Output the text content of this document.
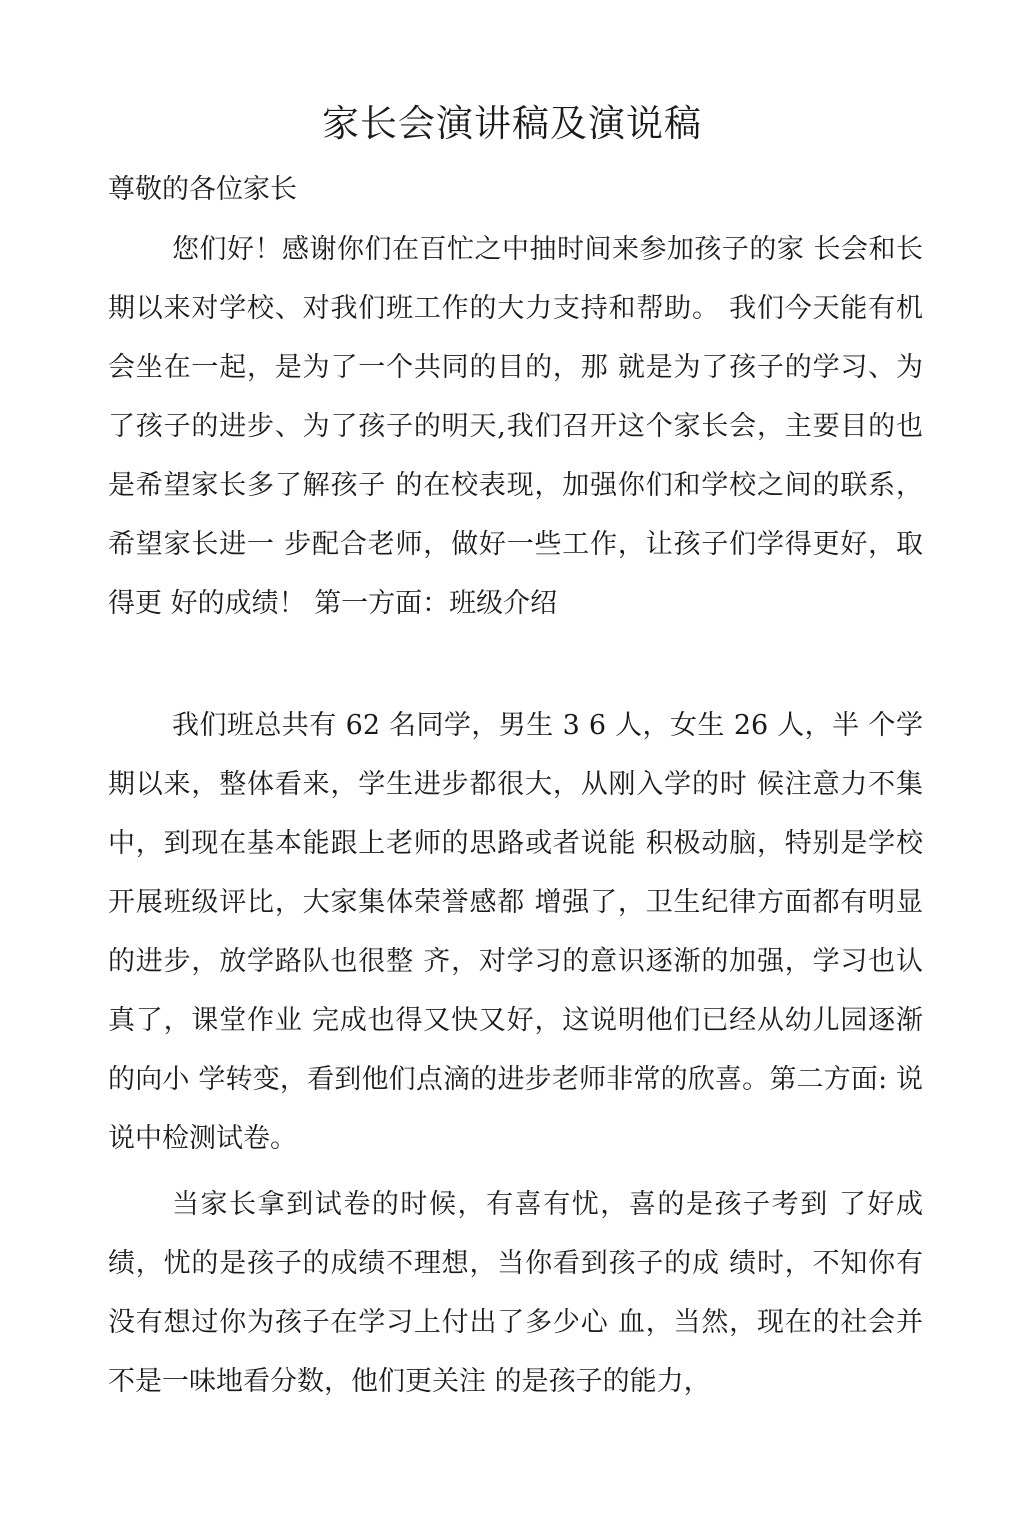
家长会演讲稿及演说稿

尊敬的各位家长

您们好！感谢你们在百忙之中抽时间来参加孩子的家 长会和长期以来对学校、对我们班工作的大力支持和帮助。 我们今天能有机会坐在一起，是为了一个共同的目的，那 就是为了孩子的学习、为了孩子的进步、为了孩子的明天,我们召开这个家长会，主要目的也是希望家长多了解孩子 的在校表现，加强你们和学校之间的联系，希望家长进一 步配合老师，做好一些工作，让孩子们学得更好，取得更 好的成绩！ 第一方面：班级介绍

我们班总共有 62 名同学，男生 3 6 人，女生 26 人，半 个学期以来，整体看来，学生进步都很大，从刚入学的时 候注意力不集中，到现在基本能跟上老师的思路或者说能 积极动脑，特别是学校开展班级评比，大家集体荣誉感都 增强了，卫生纪律方面都有明显的进步，放学路队也很整 齐，对学习的意识逐渐的加强，学习也认真了，课堂作业 完成也得又快又好，这说明他们已经从幼儿园逐渐的向小 学转变，看到他们点滴的进步老师非常的欣喜。第二方面: 说说中检测试卷。

当家长拿到试卷的时候，有喜有忧，喜的是孩子考到 了好成绩，忧的是孩子的成绩不理想，当你看到孩子的成 绩时，不知你有没有想过你为孩子在学习上付出了多少心 血，当然，现在的社会并不是一味地看分数，他们更关注 的是孩子的能力，
